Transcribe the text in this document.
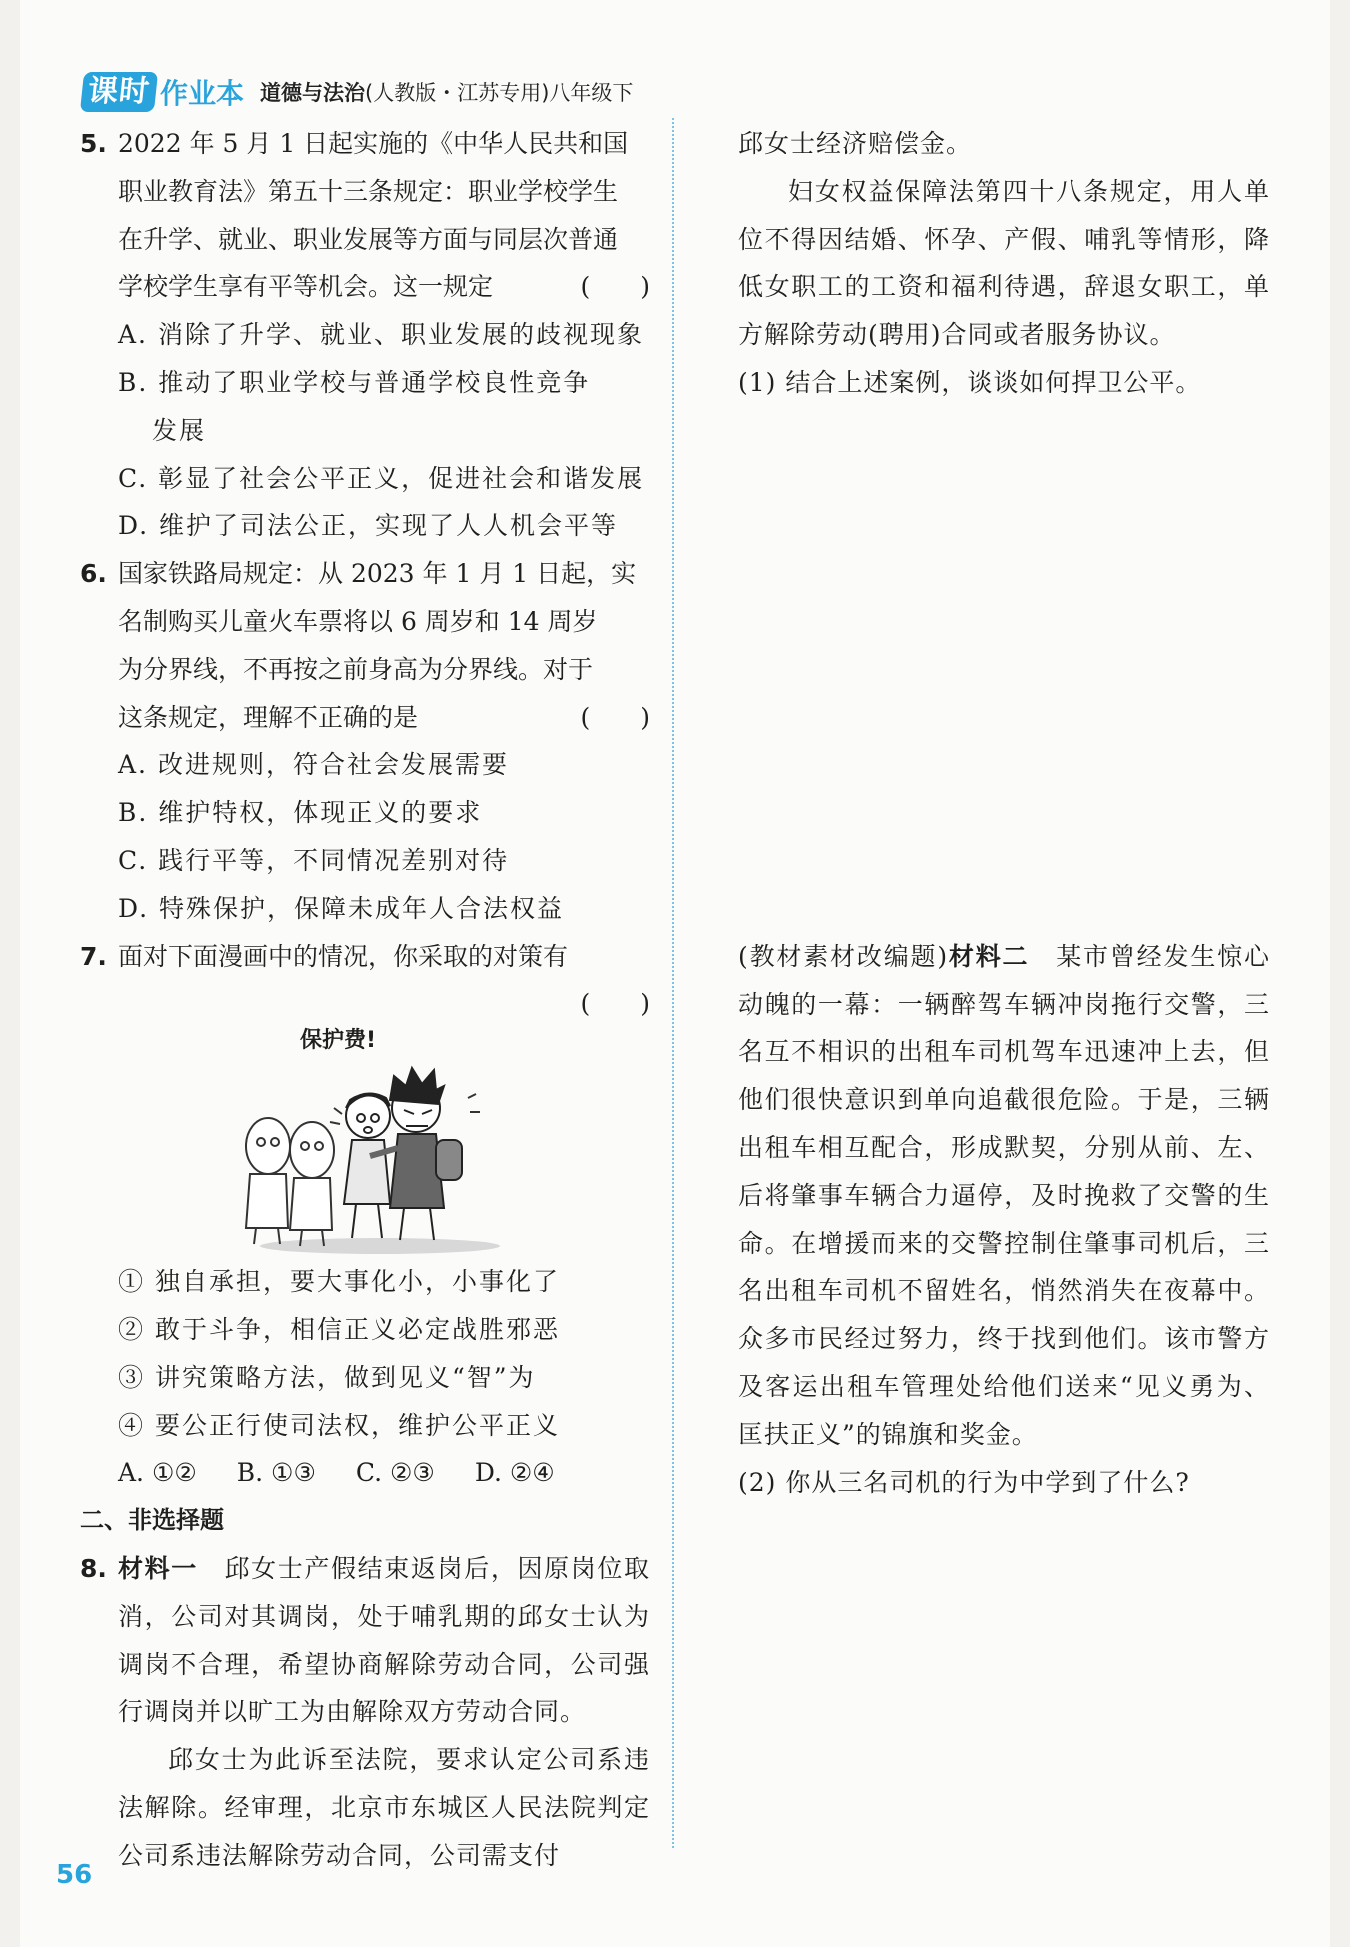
课时 作业本 道德与法治 (人教版・江苏专用) 八年级下
5. 2022 年 5 月 1 日起实施的《中华人民共和国
职业教育法》第五十三条规定：职业学校学生
在升学、就业、职业发展等方面与同层次普通
学校学生享有平等机会。这一规定	(　　)
A. 消除了升学、就业、职业发展的歧视现象
B. 推动了职业学校与普通学校良性竞争
发展
C. 彰显了社会公平正义，促进社会和谐发展
D. 维护了司法公正，实现了人人机会平等
6. 国家铁路局规定：从 2023 年 1 月 1 日起，实
名制购买儿童火车票将以 6 周岁和 14 周岁
为分界线，不再按之前身高为分界线。对于
这条规定，理解不正确的是	(　　)
A. 改进规则，符合社会发展需要
B. 维护特权，体现正义的要求
C. 践行平等，不同情况差别对待
D. 特殊保护，保障未成年人合法权益
7. 面对下面漫画中的情况，你采取的对策有
(　　)
保护费!
① 独自承担，要大事化小，小事化了
② 敢于斗争，相信正义必定战胜邪恶
③ 讲究策略方法，做到见义“智”为
④ 要公正行使司法权，维护公平正义
A. ①② B. ①③ C. ②③ D. ②④
二、非选择题
8. 材料一　邱女士产假结束返岗后，因原岗位取消，公司对其调岗，处于哺乳期的邱女士认为调岗不合理，希望协商解除劳动合同，公司强行调岗并以旷工为由解除双方劳动合同。
邱女士为此诉至法院，要求认定公司系违法解除。经审理，北京市东城区人民法院判定公司系违法解除劳动合同，公司需支付
邱女士经济赔偿金。
妇女权益保障法第四十八条规定，用人单位不得因结婚、怀孕、产假、哺乳等情形，降低女职工的工资和福利待遇，辞退女职工，单方解除劳动(聘用)合同或者服务协议。
(1) 结合上述案例，谈谈如何捍卫公平。
(教材素材改编题)材料二　某市曾经发生惊心动魄的一幕：一辆醉驾车辆冲岗拖行交警，三名互不相识的出租车司机驾车迅速冲上去，但他们很快意识到单向追截很危险。于是，三辆出租车相互配合，形成默契，分别从前、左、后将肇事车辆合力逼停，及时挽救了交警的生命。在增援而来的交警控制住肇事司机后，三名出租车司机不留姓名，悄然消失在夜幕中。众多市民经过努力，终于找到他们。该市警方及客运出租车管理处给他们送来“见义勇为、匡扶正义”的锦旗和奖金。
(2) 你从三名司机的行为中学到了什么?
56
